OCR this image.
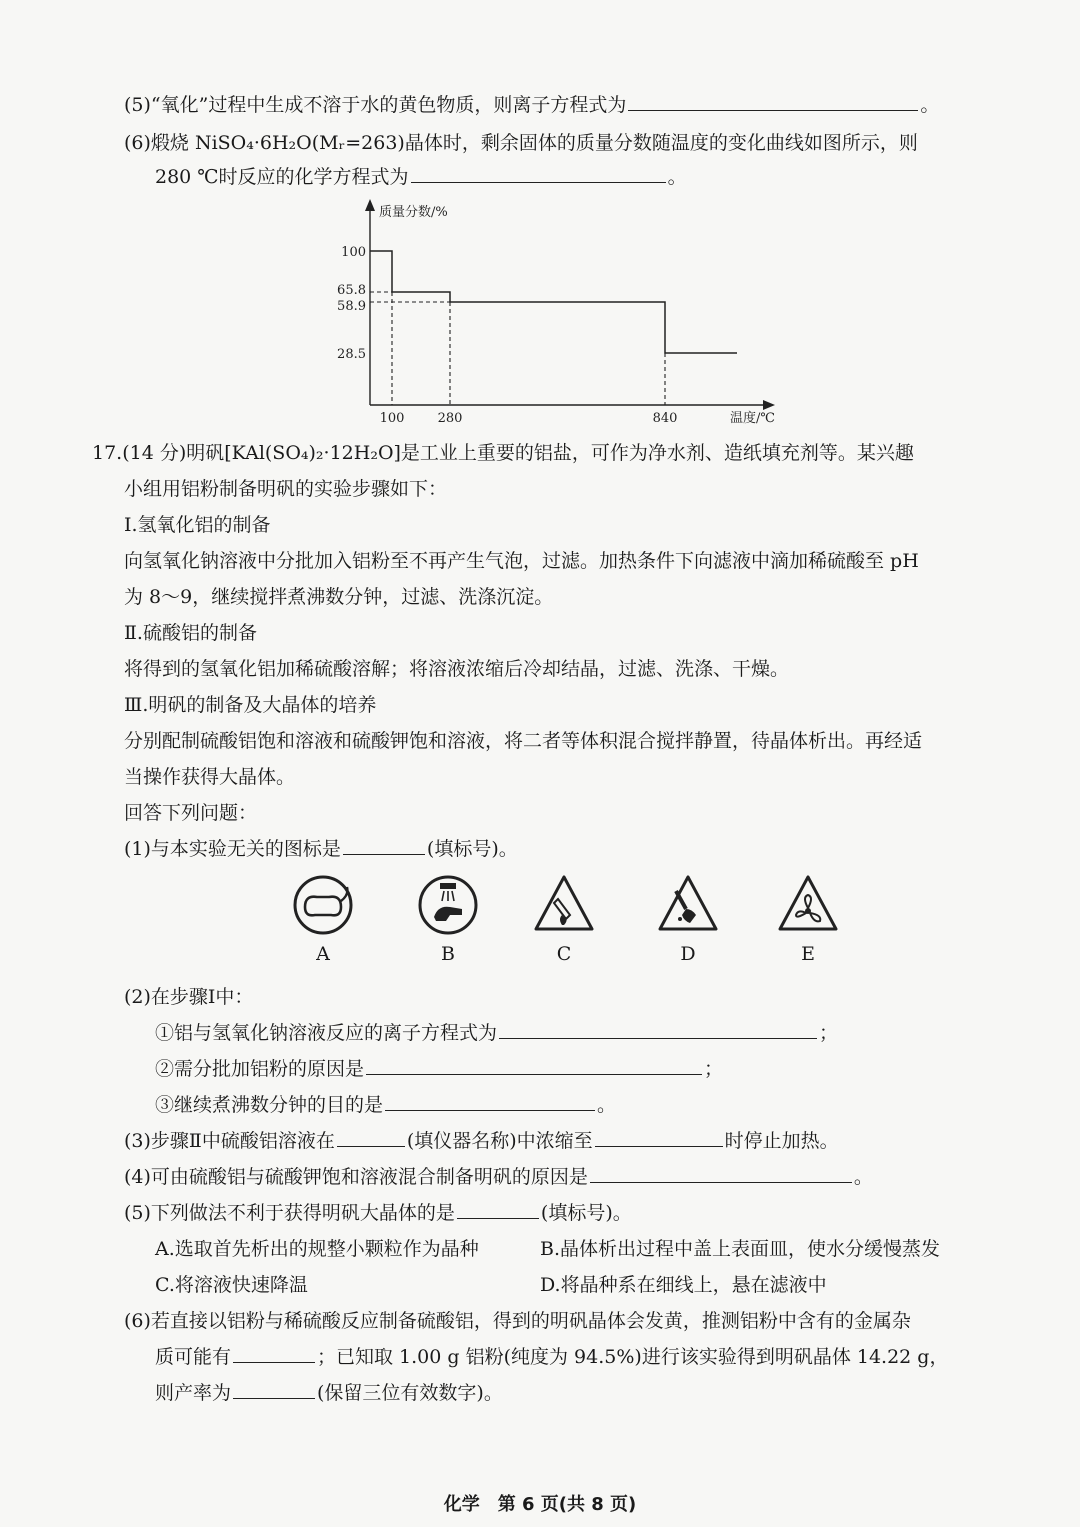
(5)“氧化”过程中生成不溶于水的黄色物质，则离子方程式为	。
(6)煅烧 NiSO₄·6H₂O(Mᵣ=263)晶体时，剩余固体的质量分数随温度的变化曲线如图所示，则
280 ℃时反应的化学方程式为	。
质量分数/%
温度/℃
100
65.8
58.9
28.5
100	280	840
17.(14 分)明矾[KAl(SO₄)₂·12H₂O]是工业上重要的铝盐，可作为净水剂、造纸填充剂等。某兴趣
小组用铝粉制备明矾的实验步骤如下：
Ⅰ.氢氧化铝的制备
向氢氧化钠溶液中分批加入铝粉至不再产生气泡，过滤。加热条件下向滤液中滴加稀硫酸至 pH
为 8～9，继续搅拌煮沸数分钟，过滤、洗涤沉淀。
Ⅱ.硫酸铝的制备
将得到的氢氧化铝加稀硫酸溶解；将溶液浓缩后冷却结晶，过滤、洗涤、干燥。
Ⅲ.明矾的制备及大晶体的培养
分别配制硫酸铝饱和溶液和硫酸钾饱和溶液，将二者等体积混合搅拌静置，待晶体析出。再经适
当操作获得大晶体。
回答下列问题：
(1)与本实验无关的图标是	(填标号)。
A	B	C	D	E
(2)在步骤Ⅰ中：
①铝与氢氧化钠溶液反应的离子方程式为	；
②需分批加铝粉的原因是	；
③继续煮沸数分钟的目的是	。
(3)步骤Ⅱ中硫酸铝溶液在	(填仪器名称)中浓缩至	时停止加热。
(4)可由硫酸铝与硫酸钾饱和溶液混合制备明矾的原因是	。
(5)下列做法不利于获得明矾大晶体的是	(填标号)。
A.选取首先析出的规整小颗粒作为晶种	B.晶体析出过程中盖上表面皿，使水分缓慢蒸发
C.将溶液快速降温	D.将晶种系在细线上，悬在滤液中
(6)若直接以铝粉与稀硫酸反应制备硫酸铝，得到的明矾晶体会发黄，推测铝粉中含有的金属杂
质可能有	；已知取 1.00 g 铝粉(纯度为 94.5%)进行该实验得到明矾晶体 14.22 g，
则产率为	(保留三位有效数字)。
化学　第 6 页(共 8 页)
